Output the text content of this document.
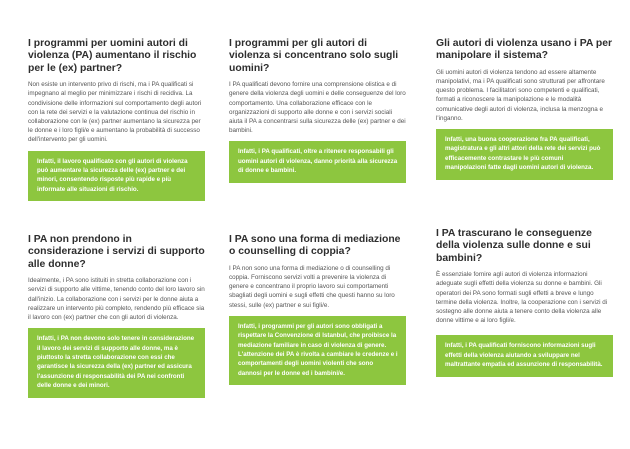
I programmi per uomini autori di violenza (PA) aumentano il rischio per le (ex) partner?

Non esiste un intervento privo di rischi, ma i PA qualificati si impegnano al meglio per minimizzare i rischi di recidiva. La condivisione delle informazioni sul comportamento degli autori con la rete dei servizi e la valutazione continua del rischio in collaborazione con le (ex) partner aumentano la sicurezza per le donne e i loro figli/e e aumentano la probabilità di successo dell'intervento per gli uomini.

Infatti, il lavoro qualificato con gli autori di violenza può aumentare la sicurezza delle (ex) partner e dei minori, consentendo risposte più rapide e più informate alle situazioni di rischio.
I PA non prendono in considerazione i servizi di supporto alle donne?

Idealmente, i PA sono istituiti in stretta collaborazione con i servizi di supporto alle vittime, tenendo conto del loro lavoro sin dall'inizio. La collaborazione con i servizi per le donne aiuta a realizzare un intervento più completo, rendendo più efficace sia il lavoro con (ex) partner che con gli autori di violenza.

Infatti, i PA non devono solo tenere in considerazione il lavoro dei servizi di supporto alle donne, ma è piuttosto la stretta collaborazione con essi che garantisce la sicurezza della (ex) partner ed assicura l'assunzione di responsabilità dei PA nei confronti delle donne e dei minori.
I programmi per gli autori di violenza si concentrano solo sugli uomini?

I PA qualificati devono fornire una comprensione olistica e di genere della violenza degli uomini e delle conseguenze del loro comportamento. Una collaborazione efficace con le organizzazioni di supporto alle donne e con i servizi sociali aiuta il PA a concentrarsi sulla sicurezza delle (ex) partner e dei bambini.

Infatti, i PA qualificati, oltre a ritenere responsabili gli uomini autori di violenza, danno priorità alla sicurezza di donne e bambini.
I PA sono una forma di mediazione o counselling di coppia?

I PA non sono una forma di mediazione o di counselling di coppia. Forniscono servizi volti a prevenire la violenza di genere e concentrano il proprio lavoro sui comportamenti sbagliati degli uomini e sugli effetti che questi hanno su loro stessi, sulle (ex) partner e sui figli/e.

Infatti, i programmi per gli autori sono obbligati a rispettare la Convenzione di Istanbul, che proibisce la mediazione familiare in caso di violenza di genere. L'attenzione dei PA è rivolta a cambiare le credenze e i comportamenti degli uomini violenti che sono dannosi per le donne ed i bambini/e.
Gli autori di violenza usano i PA per manipolare il sistema?

Gli uomini autori di violenza tendono ad essere altamente manipolativi, ma i PA qualificati sono strutturati per affrontare questo problema. I facilitatori sono competenti e qualificati, formati a riconoscere la manipolazione e le modalità comunicative degli autori di violenza, inclusa la menzogna e l'inganno.

Infatti, una buona cooperazione fra PA qualificati, magistratura e gli altri attori della rete dei servizi può efficacemente contrastare le più comuni manipolazioni fatte dagli uomini autori di violenza.
I PA trascurano le conseguenze della violenza sulle donne e sui bambini?

È essenziale fornire agli autori di violenza informazioni adeguate sugli effetti della violenza su donne e bambini. Gli operatori dei PA sono formati sugli effetti a breve e lungo termine della violenza. Inoltre, la cooperazione con i servizi di sostegno alle donne aiuta a tenere conto della violenza alle donne vittime e ai loro figli/e.

Infatti, i PA qualificati forniscono informazioni sugli effetti della violenza aiutando a sviluppare nel maltrattante empatia ed assunzione di responsabilità.
